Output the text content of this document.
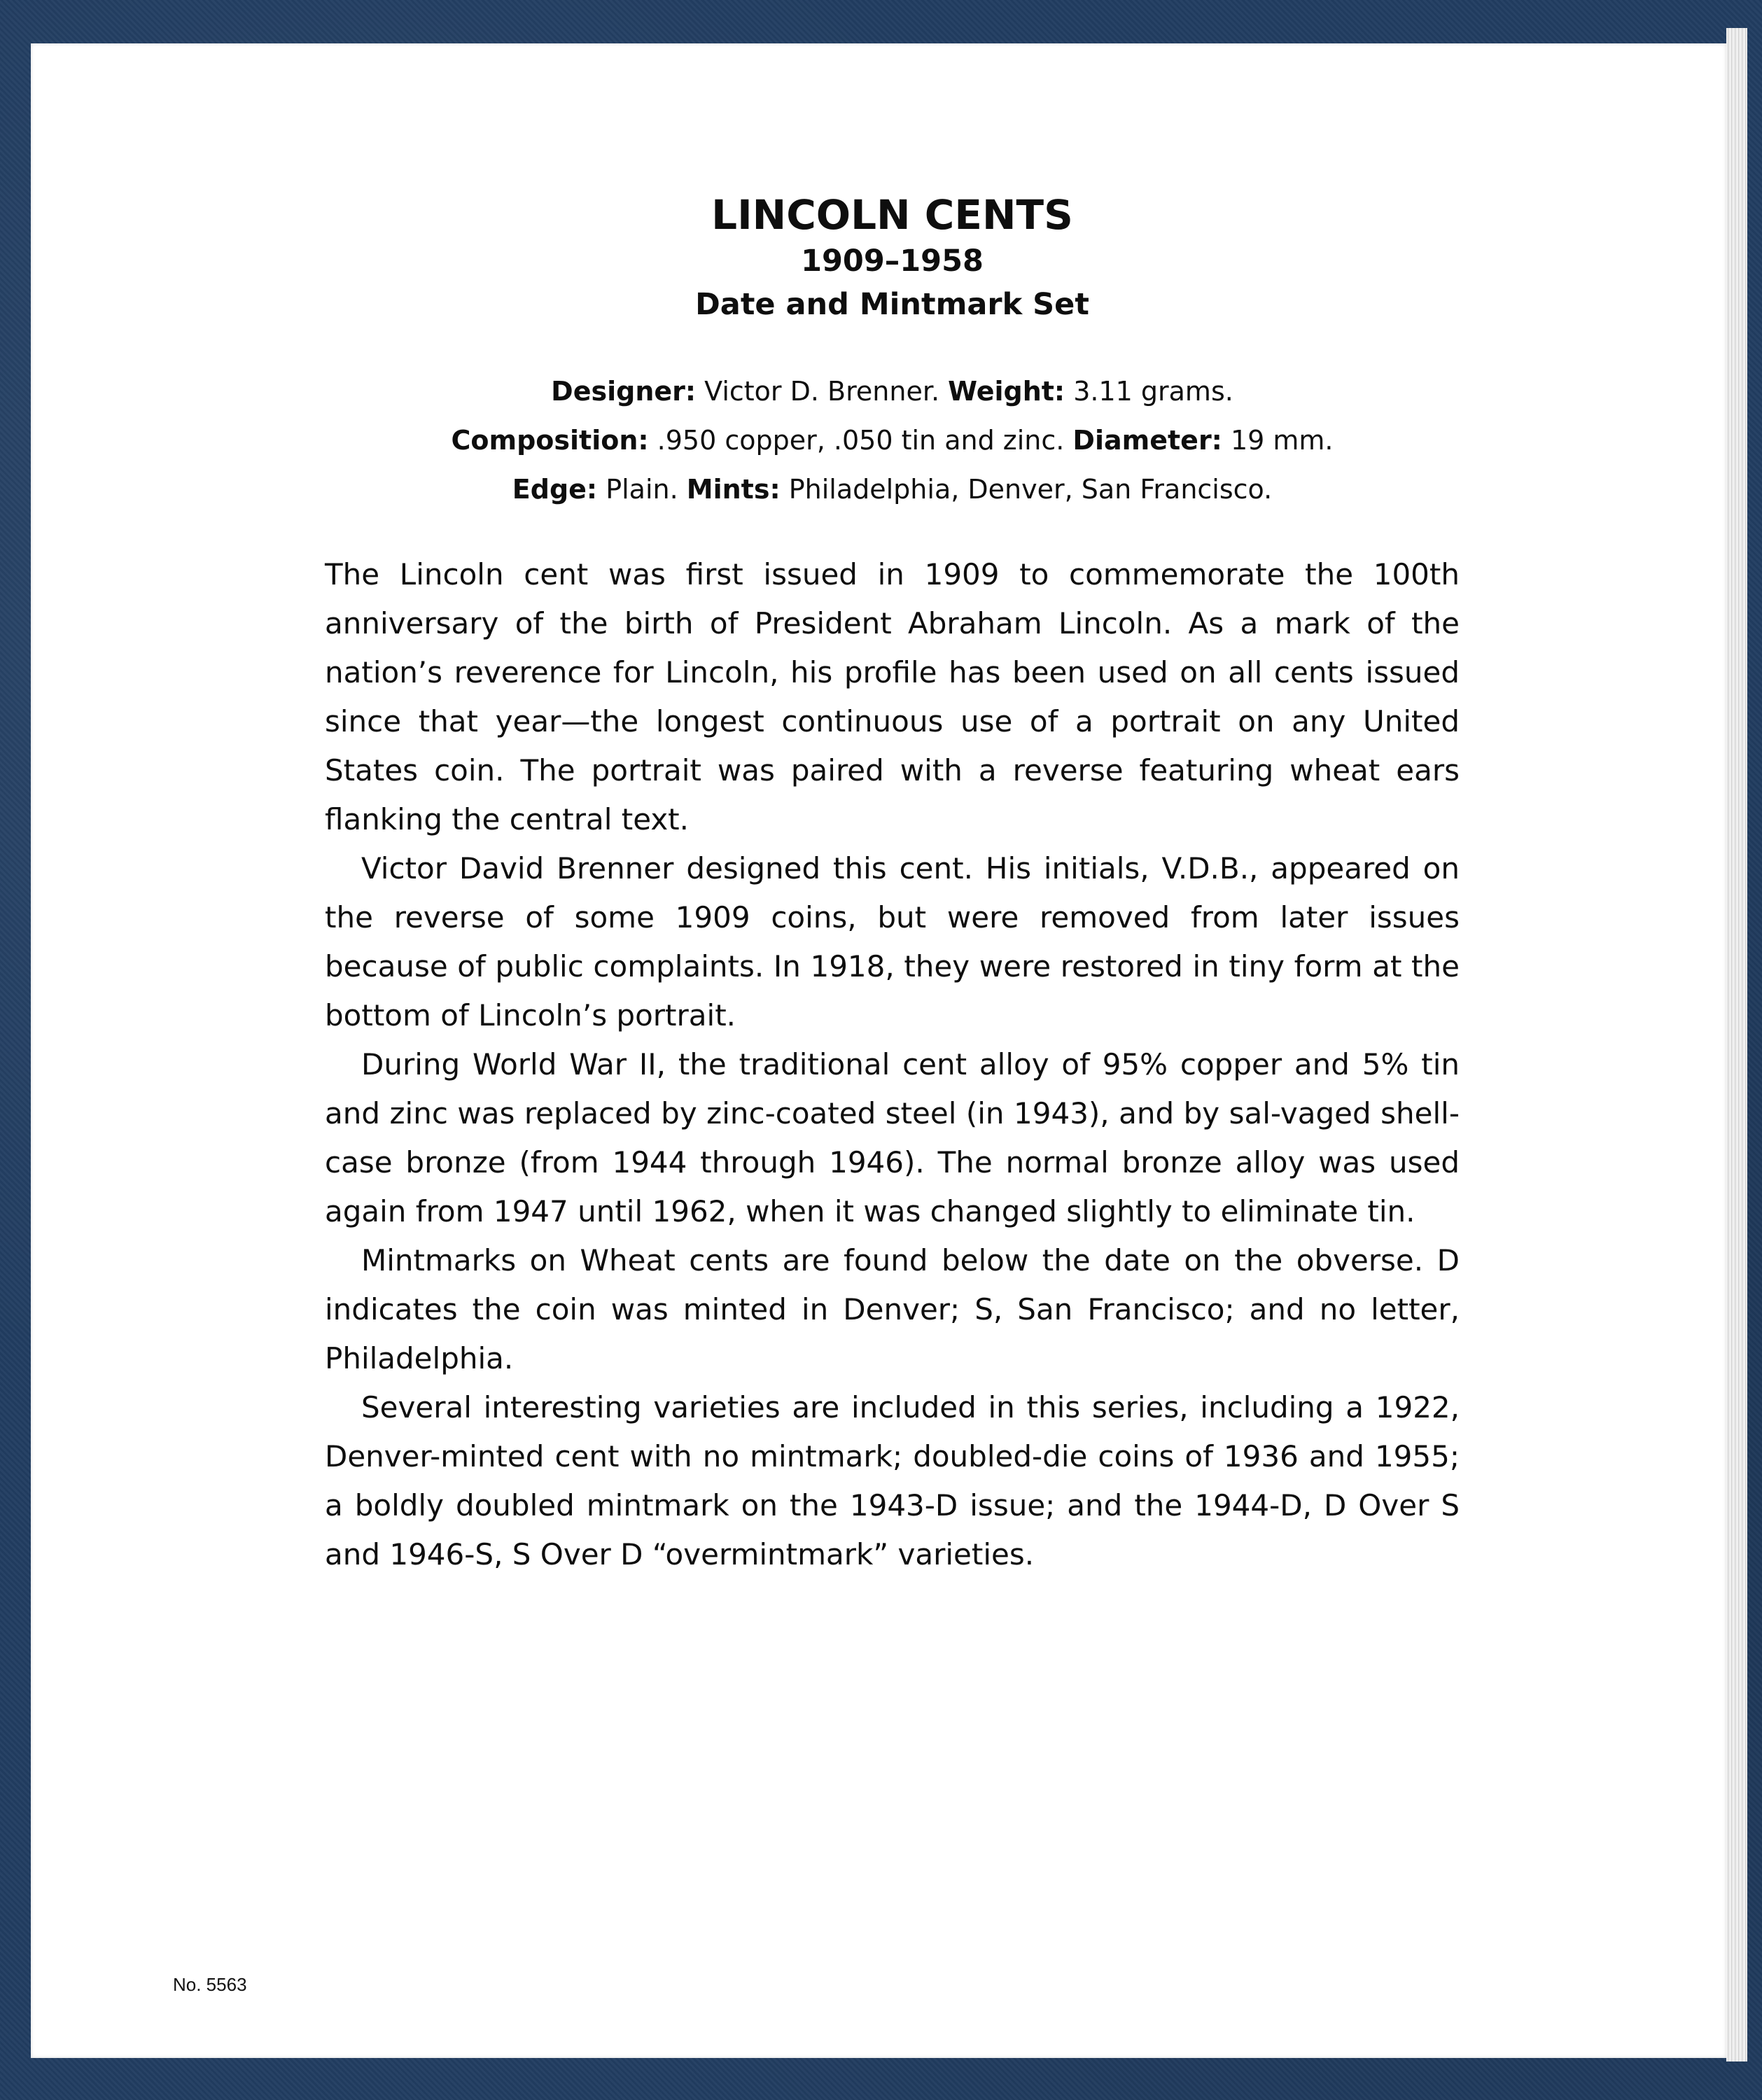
LINCOLN CENTS
1909–1958
Date and Mintmark Set
Designer: Victor D. Brenner. Weight: 3.11 grams.
Composition: .950 copper, .050 tin and zinc. Diameter: 19 mm.
Edge: Plain. Mints: Philadelphia, Denver, San Francisco.

The Lincoln cent was first issued in 1909 to commemorate the 100th anniversary of the birth of President Abraham Lincoln. As a mark of the nation’s reverence for Lincoln, his profile has been used on all cents issued since that year—the longest continuous use of a portrait on any United States coin. The portrait was paired with a reverse featuring wheat ears flanking the central text.

Victor David Brenner designed this cent. His initials, V.D.B., appeared on the reverse of some 1909 coins, but were removed from later issues because of public complaints. In 1918, they were restored in tiny form at the bottom of Lincoln’s portrait.

During World War II, the traditional cent alloy of 95% copper and 5% tin and zinc was replaced by zinc-coated steel (in 1943), and by sal-vaged shell-case bronze (from 1944 through 1946). The normal bronze alloy was used again from 1947 until 1962, when it was changed slightly to eliminate tin.

Mintmarks on Wheat cents are found below the date on the obverse. D indicates the coin was minted in Denver; S, San Francisco; and no letter, Philadelphia.

Several interesting varieties are included in this series, including a 1922, Denver-minted cent with no mintmark; doubled-die coins of 1936 and 1955; a boldly doubled mintmark on the 1943-D issue; and the 1944-D, D Over S and 1946-S, S Over D “overmintmark” varieties.

No. 5563
